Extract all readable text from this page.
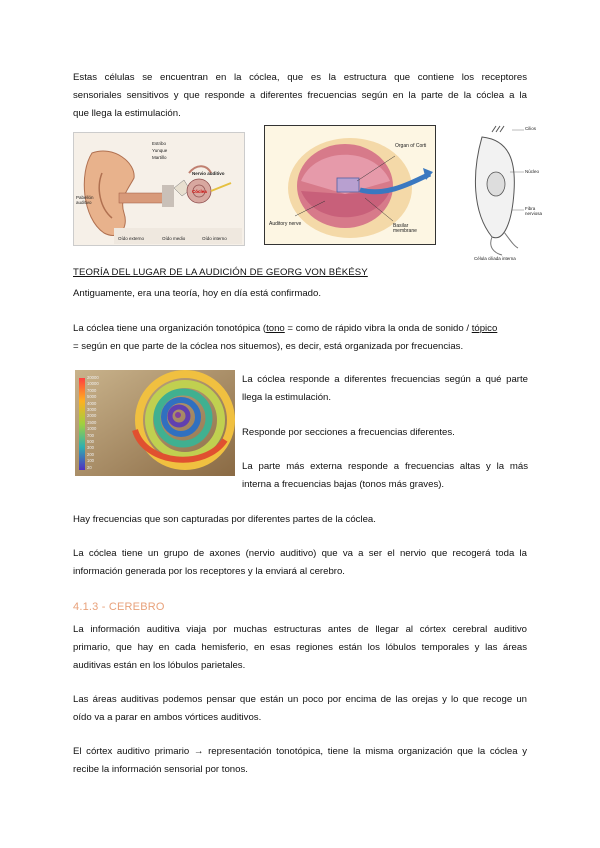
Estas células se encuentran en la cóclea, que es la estructura que contiene los receptores

sensoriales sensitivos y que responde a diferentes frecuencias según en la parte de la cóclea a la

que llega la estimulación.

Estribo
Yunque
Martillo
Nervio auditivo
Cóclea
Pabellón auditivo
Oído externo	Oído medio	Oído interno
Organ of Corti
Auditory nerve	Basilar membrane
Cilios
Núcleo
Fibra nerviosa
Célula ciliada interna
TEORÍA DEL LUGAR DE LA AUDICIÓN DE GEORG VON BÉKÉSY

Antiguamente, era una teoría, hoy en día está confirmado.

La cóclea tiene una organización tonotópica (tono = como de rápido vibra la onda de sonido / tópico

= según en que parte de la cóclea nos situemos), es decir, está organizada por frecuencias.

20000
10000
7000
5000
4000
3000
2000
1500
1000
700
500
300
200
100
20

La cóclea responde a diferentes frecuencias según a qué parte

llega la estimulación.

Responde por secciones a frecuencias diferentes.

La parte más externa responde a frecuencias altas y la más

interna a frecuencias bajas (tonos más graves).

Hay frecuencias que son capturadas por diferentes partes de la cóclea.

La cóclea tiene un grupo de axones (nervio auditivo) que va a ser el nervio que recogerá toda la

información generada por los receptores y la enviará al cerebro.

4.1.3 - CEREBRO

La información auditiva viaja por muchas estructuras antes de llegar al córtex cerebral auditivo

primario, que hay en cada hemisferio, en esas regiones están los lóbulos temporales y las áreas

auditivas están en los lóbulos parietales.

Las áreas auditivas podemos pensar que están un poco por encima de las orejas y lo que recoge un

oído va a parar en ambos vórtices auditivos.

El córtex auditivo primario → representación tonotópica, tiene la misma organización que la cóclea y

recibe la información sensorial por tonos.
